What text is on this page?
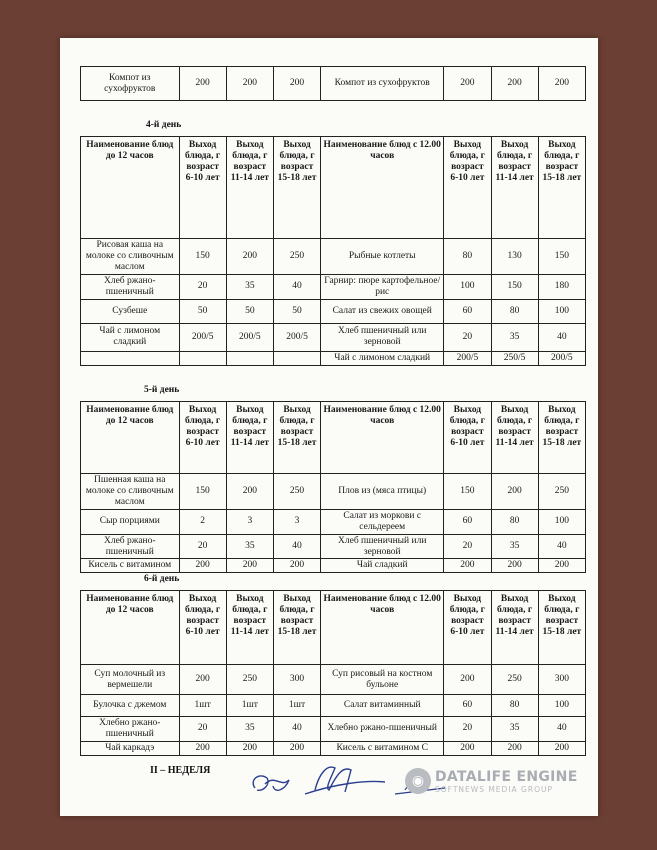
Компот из сухофруктов	200	200	200	Компот из сухофруктов	200	200	200
4-й день
Наименование блюд до 12 часов	Выход блюда, г возраст 6-10 лет	Выход блюда, г возраст 11-14 лет	Выход блюда, г возраст 15-18 лет	Наименование блюд с 12.00 часов	Выход блюда, г возраст 6-10 лет	Выход блюда, г возраст 11-14 лет	Выход блюда, г возраст 15-18 лет
Рисовая каша на молоке со сливочным маслом	150	200	250	Рыбные котлеты	80	130	150
Хлеб ржано-пшеничный	20	35	40	Гарнир: пюре картофельное/рис	100	150	180
Сузбеше	50	50	50	Салат из свежих овощей	60	80	100
Чай с лимоном сладкий	200/5	200/5	200/5	Хлеб пшеничный или зерновой	20	35	40
				Чай с лимоном сладкий	200/5	250/5	200/5
5-й день
Наименование блюд до 12 часов	Выход блюда, г возраст 6-10 лет	Выход блюда, г возраст 11-14 лет	Выход блюда, г возраст 15-18 лет	Наименование блюд с 12.00 часов	Выход блюда, г возраст 6-10 лет	Выход блюда, г возраст 11-14 лет	Выход блюда, г возраст 15-18 лет
Пшенная каша на молоке со сливочным маслом	150	200	250	Плов из (мяса птицы)	150	200	250
Сыр порциями	2	3	3	Салат из моркови с сельдереем	60	80	100
Хлеб ржано-пшеничный	20	35	40	Хлеб пшеничный или зерновой	20	35	40
Кисель с витамином	200	200	200	Чай сладкий	200	200	200
6-й день
Наименование блюд до 12 часов	Выход блюда, г возраст 6-10 лет	Выход блюда, г возраст 11-14 лет	Выход блюда, г возраст 15-18 лет	Наименование блюд с 12.00 часов	Выход блюда, г возраст 6-10 лет	Выход блюда, г возраст 11-14 лет	Выход блюда, г возраст 15-18 лет
Суп молочный из вермешели	200	250	300	Суп рисовый на костном бульоне	200	250	300
Булочка с джемом	1шт	1шт	1шт	Салат витаминный	60	80	100
Хлебно ржано-пшеничный	20	35	40	Хлебно ржано-пшеничный	20	35	40
Чай каркадэ	200	200	200	Кисель с витамином С	200	200	200
II – НЕДЕЛЯ
◉ DATALIFE ENGINE
SOFTNEWS MEDIA GROUP
